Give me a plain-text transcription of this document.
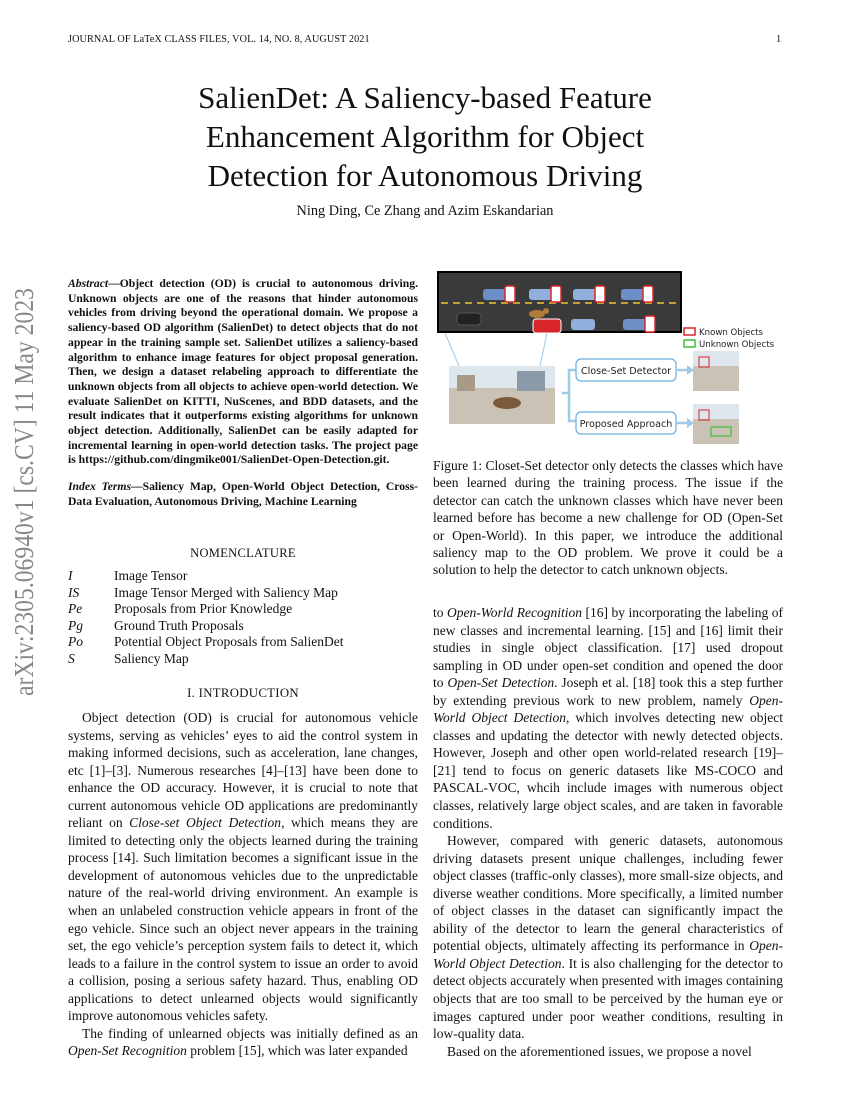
JOURNAL OF LaTeX CLASS FILES, VOL. 14, NO. 8, AUGUST 2021	1
arXiv:2305.06940v1 [cs.CV] 11 May 2023
SalienDet: A Saliency-based Feature Enhancement Algorithm for Object Detection for Autonomous Driving
Ning Ding, Ce Zhang and Azim Eskandarian
Abstract—Object detection (OD) is crucial to autonomous driving. Unknown objects are one of the reasons that hinder autonomous vehicles from driving beyond the operational domain. We propose a saliency-based OD algorithm (SalienDet) to detect objects that do not appear in the training sample set. SalienDet utilizes a saliency-based algorithm to enhance image features for object proposal generation. Then, we design a dataset relabeling approach to differentiate the unknown objects from all objects to achieve open-world detection. We evaluate SalienDet on KITTI, NuScenes, and BDD datasets, and the result indicates that it outperforms existing algorithms for unknown object detection. Additionally, SalienDet can be easily adapted for incremental learning in open-world detection tasks. The project page is https://github.com/dingmike001/SalienDet-Open-Detection.git.
Index Terms—Saliency Map, Open-World Object Detection, Cross-Data Evaluation, Autonomous Driving, Machine Learning
NOMENCLATURE
I	Image Tensor
IS	Image Tensor Merged with Saliency Map
Pe	Proposals from Prior Knowledge
Pg	Ground Truth Proposals
Po	Potential Object Proposals from SalienDet
S	Saliency Map
I. INTRODUCTION

Object detection (OD) is crucial for autonomous vehicle systems, serving as vehicles’ eyes to aid the control system in making informed decisions, such as acceleration, lane changes, etc [1]–[3]. Numerous researches [4]–[13] have been done to enhance the OD accuracy. However, it is crucial to note that current autonomous vehicle OD applications are predominantly reliant on Close-set Object Detection, which means they are limited to detecting only the objects learned during the training process [14]. Such limitation becomes a significant issue in the development of autonomous vehicles due to the unpredictable nature of the real-world driving environment. An example is when an unlabeled construction vehicle appears in front of the ego vehicle. Since such an object never appears in the training set, the ego vehicle’s perception system fails to detect it, which leads to a failure in the control system to issue an order to avoid a collision, posing a serious safety hazard. Thus, enabling OD applications to detect unlearned objects would significantly improve autonomous vehicles safety.

The finding of unlearned objects was initially defined as an Open-Set Recognition problem [15], which was later expanded

Known Objects
Unknown Objects
Close-Set Detector
Proposed Approach
Figure 1: Closet-Set detector only detects the classes which have been learned during the training process. The issue if the detector can catch the unknown classes which have never been learned before has become a new challenge for OD (Open-Set or Open-World). In this paper, we introduce the additional saliency map to the OD problem. We prove it could be a solution to help the detector to catch unknown objects.

to Open-World Recognition [16] by incorporating the labeling of new classes and incremental learning. [15] and [16] limit their studies in single object classification. [17] used dropout sampling in OD under open-set condition and opened the door to Open-Set Detection. Joseph et al. [18] took this a step further by extending previous work to new problem, namely Open-World Object Detection, which involves detecting new object classes and updating the detector with newly detected objects. However, Joseph and other open world-related research [19]–[21] tend to focus on generic datasets like MS-COCO and PASCAL-VOC, whcih include images with numerous object classes, relatively large object scales, and are taken in favorable conditions.

However, compared with generic datasets, autonomous driving datasets present unique challenges, including fewer object classes (traffic-only classes), more small-size objects, and diverse weather conditions. More specifically, a limited number of object classes in the dataset can significantly impact the ability of the detector to learn the general characteristics of potential objects, ultimately affecting its performance in Open-World Object Detection. It is also challenging for the detector to detect objects accurately when presented with images containing objects that are too small to be perceived by the human eye or images captured under poor weather conditions, resulting in low-quality data.

Based on the aforementioned issues, we propose a novel
